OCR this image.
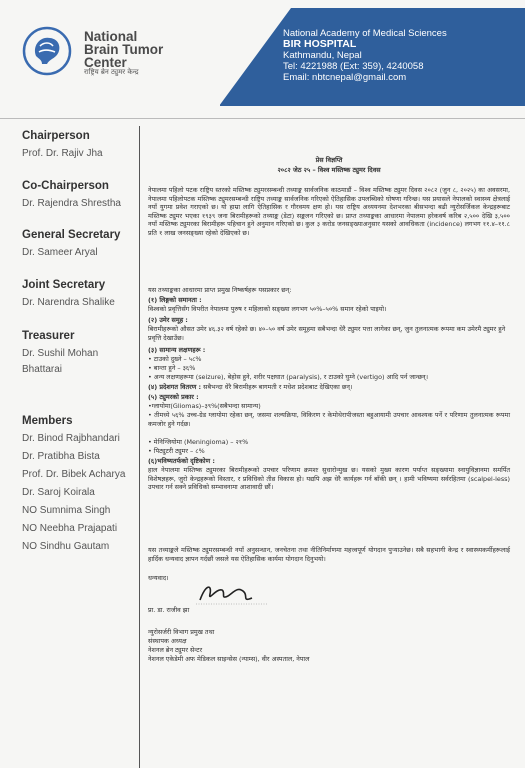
National
Brain Tumor
Center
राष्ट्रिय ब्रेन ट्युमर केन्द्र
National Academy of Medical Sciences
BIR HOSPITAL
Kathmandu, Nepal
Tel: 4221988 (Ext: 359), 4240058
Email: nbtcnepal@gmail.com
Chairperson
Prof. Dr. Rajiv Jha
Co-Chairperson
Dr. Rajendra Shrestha
General Secretary
Dr. Sameer Aryal
Joint Secretary
Dr. Narendra Shalike
Treasurer
Dr. Sushil Mohan
Bhattarai
Members
Dr. Binod Rajbhandari
Dr. Pratibha Bista
Prof. Dr. Bibek Acharya
Dr. Saroj Koirala
NO Sumnima Singh
NO Neebha Prajapati
NO Sindhu Gautam
प्रेस विज्ञप्ति
२०८२ जेठ २५ – विश्व मस्तिष्क ट्युमर दिवस
नेपालमा पहिलो पटक राष्ट्रिय स्तरको मस्तिष्क ट्युमरसम्बन्धी तथ्याङ्क सार्वजनिक काठमाडौं – विश्व मस्तिष्क ट्युमर दिवस २०८२ (जुन ८, २०२५) का अवसरमा, नेपालमा पहिलोपटक मस्तिष्क ट्युमरसम्बन्धी राष्ट्रिय तथ्याङ्क सार्वजनिक गरिएको ऐतिहासिक उपलब्धिको घोषणा गरिन्छ। यस प्रयासले नेपालको स्वास्थ्य क्षेत्रलाई नयाँ युगमा प्रवेश गराएको छ। यो हाम्रा लागि ऐतिहासिक र गौरवमय क्षण हो। यस राष्ट्रिय अध्ययनमा देशभरका बीसभन्दा बढी न्युरोसर्जिकल केन्द्रहरूबाट मस्तिष्क ट्युमर भएका १९३९ जना बिरामीहरूको तथ्याङ्क (डेटा) सङ्कलन गरिएको छ। प्राप्त तथ्याङ्कका आधारमा नेपालमा हरेकवर्ष करिब २,५०० देखि ३,५०० नयाँ मस्तिष्क ट्युमरका बिरामीहरू पहिचान हुने अनुमान गरिएको छ। कुल ३ करोड जनसङ्ख्याअनुसार यसको आवधिकता (incidence) लगभग ११.४–११.८ प्रति १ लाख जनसङ्ख्या रहेको देखिएको छ।
यस तथ्याङ्कका आधारमा प्राप्त प्रमुख निष्कर्षहरू यसप्रकार छन्:
(१) लिङ्गको समानता :
विश्वको प्रवृत्तिसँग विपरीत नेपालमा पुरुष र महिलाको सङ्ख्या लगभग ५०%–५०% समान रहेको पाइयो।
(२) उमेर समूह :
बिरामीहरूको औसत उमेर ४६.३२ वर्ष रहेको छ। ४०–५० वर्ष उमेर समूहमा सबैभन्दा धेरै ट्युमर पत्ता लागेका छन्, जुन तुलनात्मक रूपमा कम उमेरमै ट्युमर हुने प्रवृत्ति देखाउँछ।
(३) सामान्य लक्षणहरू :
• टाउको दुख्ने – ५८%
• बान्ता हुने – ३६%
• अन्य लक्षणहरूमा (seizure), बेहोस हुने, शरीर पक्षघात (paralysis), र टाउको घुम्ने (vertigo) आदि पर्न जान्छन्।
(४) प्रदेशगत वितरण : सबैभन्दा धेरै बिरामीहरू बागमती र मधेश प्रदेशबाट देखिएका छन्।
(५) ट्युमरको प्रकार :
•ग्लायोमा(Gliomas)–३९%(सबैभन्दा सामान्य)
• तीमध्ये ५६% उच्च-ग्रेड ग्लायोमा रहेका छन्, जसमा शल्यक्रिया, विकिरण र केमोथेरापीजस्ता बहुआयामी उपचार आवश्यक पर्ने र परिणाम तुलनात्मक रूपमा कमजोर हुने गर्दछ।
• मेनिन्जियोमा (Meningioma) – २१%
• पिट्युटरी ट्युमर – ८%
(६)भविष्यतर्फको दृष्टिकोण :
हाल नेपालमा मस्तिष्क ट्युमरका बिरामीहरूको उपचार परिणाम क्रमशः सुधारोन्मुख छ। यसको मुख्य कारण पर्याप्त सङ्ख्यामा स्नायुविज्ञानमा समर्पित विशेषज्ञहरू, जुरो केन्द्रहरूको विस्तार, र प्रविधिको तीव्र विकास हो। यद्यपि अझ धेरै कार्यहरू गर्न बाँकी छन् । हामी भविष्यमा सर्वरहितमा (scalpel-less) उपचार गर्न सक्ने प्रविधिको सम्भावनामा आशावादी छौं।
यस तथ्याङ्कले मस्तिष्क ट्युमरसम्बन्धी नयाँ अनुसन्धान, जनचेतना तथा नीतिनिर्माणमा महत्त्वपूर्ण योगदान पुऱ्याउनेछ। सबै सहभागी केन्द्र र स्वास्थ्यकर्मीहरूलाई हार्दिक धन्यवाद ज्ञापन गर्दछौं जसले यस ऐतिहासिक कार्यमा योगदान दिनुभयो।
धन्यवाद।
प्रा. डा. राजीव झा
न्युरोसर्जरी विभाग प्रमुख तथा
संस्थापक अध्यक्ष
नेशनल ब्रेन ट्युमर सेन्टर
नेशनल एकेडेमी अफ मेडिकल साइन्सेस (न्याम्स), वीर अस्पताल, नेपाल
